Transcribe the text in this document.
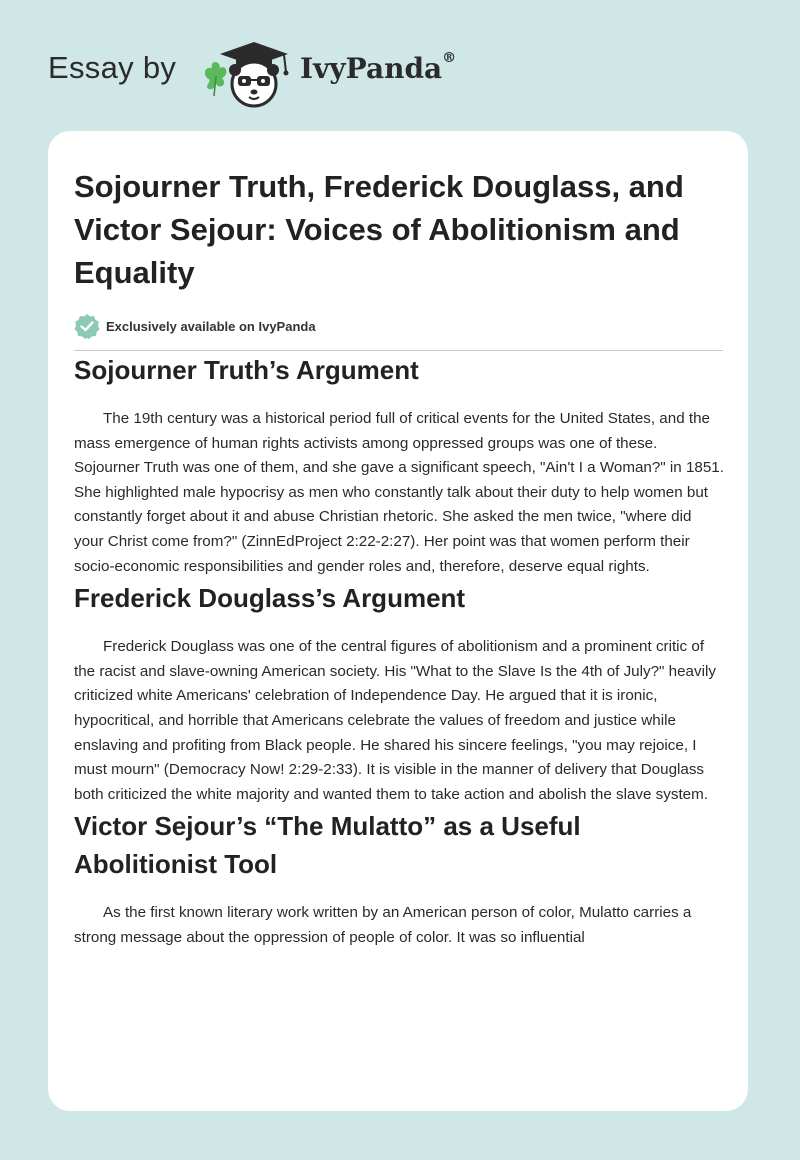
Essay by	IvyPanda®
Sojourner Truth, Frederick Douglass, and Victor Sejour: Voices of Abolitionism and Equality
Exclusively available on IvyPanda
Sojourner Truth’s Argument

The 19th century was a historical period full of critical events for the United States, and the mass emergence of human rights activists among oppressed groups was one of these. Sojourner Truth was one of them, and she gave a significant speech, "Ain't I a Woman?" in 1851. She highlighted male hypocrisy as men who constantly talk about their duty to help women but constantly forget about it and abuse Christian rhetoric. She asked the men twice, "where did your Christ come from?" (ZinnEdProject 2:22-2:27). Her point was that women perform their socio-economic responsibilities and gender roles and, therefore, deserve equal rights.

Frederick Douglass’s Argument

Frederick Douglass was one of the central figures of abolitionism and a prominent critic of the racist and slave-owning American society. His "What to the Slave Is the 4th of July?" heavily criticized white Americans' celebration of Independence Day. He argued that it is ironic, hypocritical, and horrible that Americans celebrate the values of freedom and justice while enslaving and profiting from Black people. He shared his sincere feelings, "you may rejoice, I must mourn" (Democracy Now! 2:29-2:33). It is visible in the manner of delivery that Douglass both criticized the white majority and wanted them to take action and abolish the slave system.

Victor Sejour’s “The Mulatto” as a Useful Abolitionist Tool

As the first known literary work written by an American person of color, Mulatto carries a strong message about the oppression of people of color. It was so influential
